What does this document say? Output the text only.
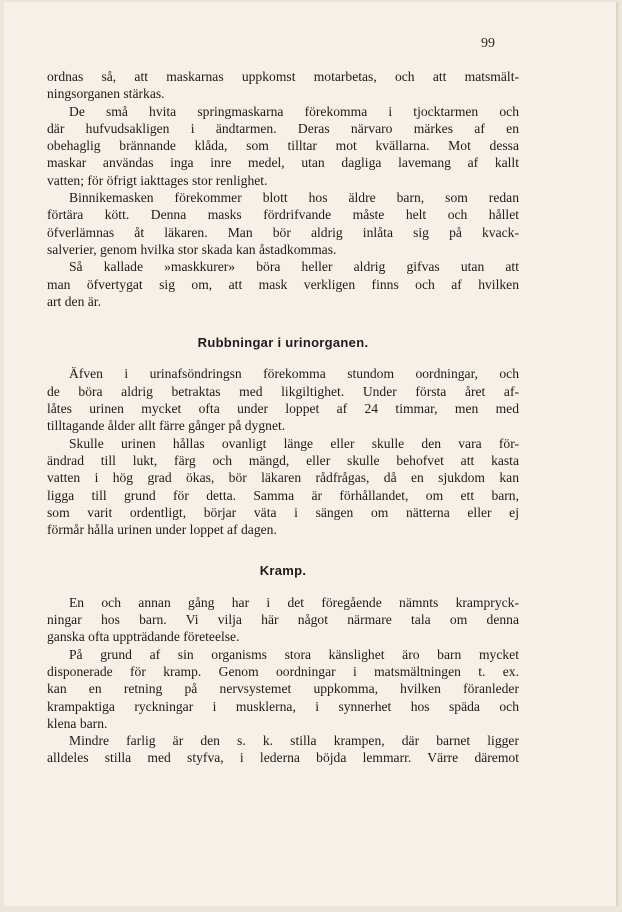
99
ordnas så, att maskarnas uppkomst motarbetas, och att matsmält-
ningsorganen stärkas.
De små hvita springmaskarna förekomma i tjocktarmen och
där hufvudsakligen i ändtarmen. Deras närvaro märkes af en
obehaglig brännande klåda, som tilltar mot kvällarna. Mot dessa
maskar användas inga inre medel, utan dagliga lavemang af kallt
vatten; för öfrigt iakttages stor renlighet.
Binnikemasken förekommer blott hos äldre barn, som redan
förtära kött. Denna masks fördrifvande måste helt och hållet
öfverlämnas åt läkaren. Man bör aldrig inlåta sig på kvack-
salverier, genom hvilka stor skada kan åstadkommas.
Så kallade »maskkurer» böra heller aldrig gifvas utan att
man öfvertygat sig om, att mask verkligen finns och af hvilken
art den är.
Rubbningar i urinorganen.
Äfven i urinafsöndringsn förekomma stundom oordningar, och
de böra aldrig betraktas med likgiltighet. Under första året af-
låtes urinen mycket ofta under loppet af 24 timmar, men med
tilltagande ålder allt färre gånger på dygnet.
Skulle urinen hållas ovanligt länge eller skulle den vara för-
ändrad till lukt, färg och mängd, eller skulle behofvet att kasta
vatten i hög grad ökas, bör läkaren rådfrågas, då en sjukdom kan
ligga till grund för detta. Samma är förhållandet, om ett barn,
som varit ordentligt, börjar väta i sängen om nätterna eller ej
förmår hålla urinen under loppet af dagen.
Kramp.
En och annan gång har i det föregående nämnts krampryck-
ningar hos barn. Vi vilja här något närmare tala om denna
ganska ofta uppträdande företeelse.
På grund af sin organisms stora känslighet äro barn mycket
disponerade för kramp. Genom oordningar i matsmältningen t. ex.
kan en retning på nervsystemet uppkomma, hvilken föranleder
krampaktiga ryckningar i musklerna, i synnerhet hos späda och
klena barn.
Mindre farlig är den s. k. stilla krampen, där barnet ligger
alldeles stilla med styfva, i lederna böjda lemmarr. Värre däremot
